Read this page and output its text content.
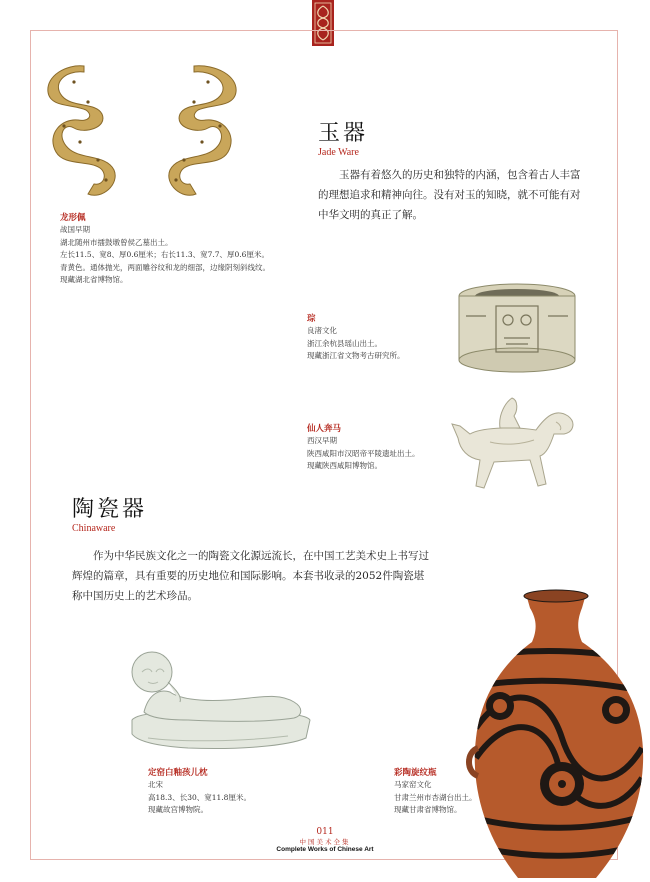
龙形佩
战国早期
湖北随州市擂鼓墩曾侯乙墓出土。
左长11.5、宽8、厚0.6厘米；右长11.3、宽7.7、厚0.6厘米。
青黄色。通体抛光，两面雕谷纹和龙的细部，边缘阴刻斜线纹。
现藏湖北省博物馆。
玉器
Jade Ware

玉器有着悠久的历史和独特的内涵，包含着古人丰富的理想追求和精神向往。没有对玉的知晓，就不可能有对中华文明的真正了解。

琮
良渚文化
浙江余杭县瑶山出土。
现藏浙江省文物考古研究所。
仙人奔马
西汉早期
陕西咸阳市汉昭帝平陵遗址出土。
现藏陕西咸阳博物馆。
陶瓷器
Chinaware

作为中华民族文化之一的陶瓷文化源远流长，在中国工艺美术史上书写过辉煌的篇章，具有重要的历史地位和国际影响。本套书收录的2052件陶瓷堪称中国历史上的艺术珍品。

定窑白釉孩儿枕
北宋
高18.3、长30、宽11.8厘米。
现藏故宫博物院。
彩陶旋纹瓶
马家窑文化
甘肃兰州市杏湖台出土。
现藏甘肃省博物馆。
011
中国美术全集
Complete Works of Chinese Art
